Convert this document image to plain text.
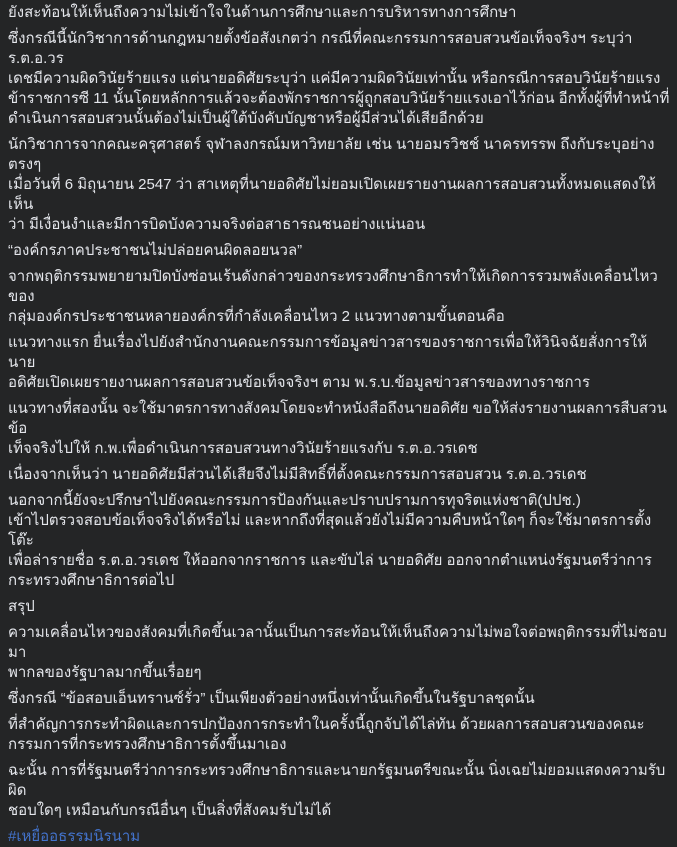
ยังสะท้อนให้เห็นถึงความไม่เข้าใจในด้านการศึกษาและการบริหารทางการศึกษา
ซึ่งกรณีนี้นักวิชาการด้านกฎหมายตั้งข้อสังเกตว่า กรณีที่คณะกรรมการสอบสวนข้อเท็จจริงฯ ระบุว่า ร.ต.อ.วร
เดชมีความผิดวินัยร้ายแรง แต่นายอดิศัยระบุว่า แค่มีความผิดวินัยเท่านั้น หรือกรณีการสอบวินัยร้ายแรง
ข้าราชการซี 11 นั้นโดยหลักการแล้วจะต้องพักราชการผู้ถูกสอบวินัยร้ายแรงเอาไว้ก่อน อีกทั้งผู้ที่ทำหน้าที่
ดำเนินการสอบสวนนั้นต้องไม่เป็นผู้ใต้บังคับบัญชาหรือผู้มีส่วนได้เสียอีกด้วย
นักวิชาการจากคณะครุศาสตร์ จุฬาลงกรณ์มหาวิทยาลัย เช่น นายอมรวิชช์ นาครทรรพ ถึงกับระบุอย่างตรงๆ
เมื่อวันที่ 6 มิถุนายน 2547 ว่า สาเหตุที่นายอดิศัยไม่ยอมเปิดเผยรายงานผลการสอบสวนทั้งหมดแสดงให้เห็น
ว่า มีเงื่อนงำและมีการบิดบังความจริงต่อสาธารณชนอย่างแน่นอน
“องค์กรภาคประชาชนไม่ปล่อยคนผิดลอยนวล”
จากพฤติกรรมพยายามปิดบังซ่อนเร้นดังกล่าวของกระทรวงศึกษาธิการทำให้เกิดการรวมพลังเคลื่อนไหวของ
กลุ่มองค์กรประชาชนหลายองค์กรที่กำลังเคลื่อนไหว 2 แนวทางตามขั้นตอนคือ
แนวทางแรก ยื่นเรื่องไปยังสำนักงานคณะกรรมการข้อมูลข่าวสารของราชการเพื่อให้วินิจฉัยสั่งการให้ นาย
อดิศัยเปิดเผยรายงานผลการสอบสวนข้อเท็จจริงฯ ตาม พ.ร.บ.ข้อมูลข่าวสารของทางราชการ
แนวทางที่สองนั้น จะใช้มาตรการทางสังคมโดยจะทำหนังสือถึงนายอดิศัย ขอให้ส่งรายงานผลการสืบสวนข้อ
เท็จจริงไปให้ ก.พ.เพื่อดำเนินการสอบสวนทางวินัยร้ายแรงกับ ร.ต.อ.วรเดช
เนื่องจากเห็นว่า นายอดิศัยมีส่วนได้เสียจึงไม่มีสิทธิ์ที่ตั้งคณะกรรมการสอบสวน ร.ต.อ.วรเดช
นอกจากนี้ยังจะปรึกษาไปยังคณะกรรมการป้องกันและปราบปรามการทุจริตแห่งชาติ(ปปช.)
เข้าไปตรวจสอบข้อเท็จจริงได้หรือไม่ และหากถึงที่สุดแล้วยังไม่มีความคืบหน้าใดๆ ก็จะใช้มาตรการตั้งโต๊ะ
เพื่อล่ารายชื่อ ร.ต.อ.วรเดช ให้ออกจากราชการ และขับไล่ นายอดิศัย ออกจากตำแหน่งรัฐมนตรีว่าการ
กระทรวงศึกษาธิการต่อไป
สรุป
ความเคลื่อนไหวของสังคมที่เกิดขึ้นเวลานั้นเป็นการสะท้อนให้เห็นถึงความไม่พอใจต่อพฤติกรรมที่ไม่ชอบมา
พากลของรัฐบาลมากขึ้นเรื่อยๆ
ซึ่งกรณี “ข้อสอบเอ็นทรานซ์รั่ว” เป็นเพียงตัวอย่างหนึ่งเท่านั้นเกิดขึ้นในรัฐบาลชุดนั้น
ที่สำคัญการกระทำผิดและการปกป้องการกระทำในครั้งนี้ถูกจับได้ไล่ทัน ด้วยผลการสอบสวนของคณะ
กรรมการที่กระทรวงศึกษาธิการตั้งขึ้นมาเอง
ฉะนั้น การที่รัฐมนตรีว่าการกระทรวงศึกษาธิการและนายกรัฐมนตรีขณะนั้น นิ่งเฉยไม่ยอมแสดงความรับผิด
ชอบใดๆ เหมือนกับกรณีอื่นๆ เป็นสิ่งที่สังคมรับไม่ได้
#เหยื่ออธรรมนิรนาม
